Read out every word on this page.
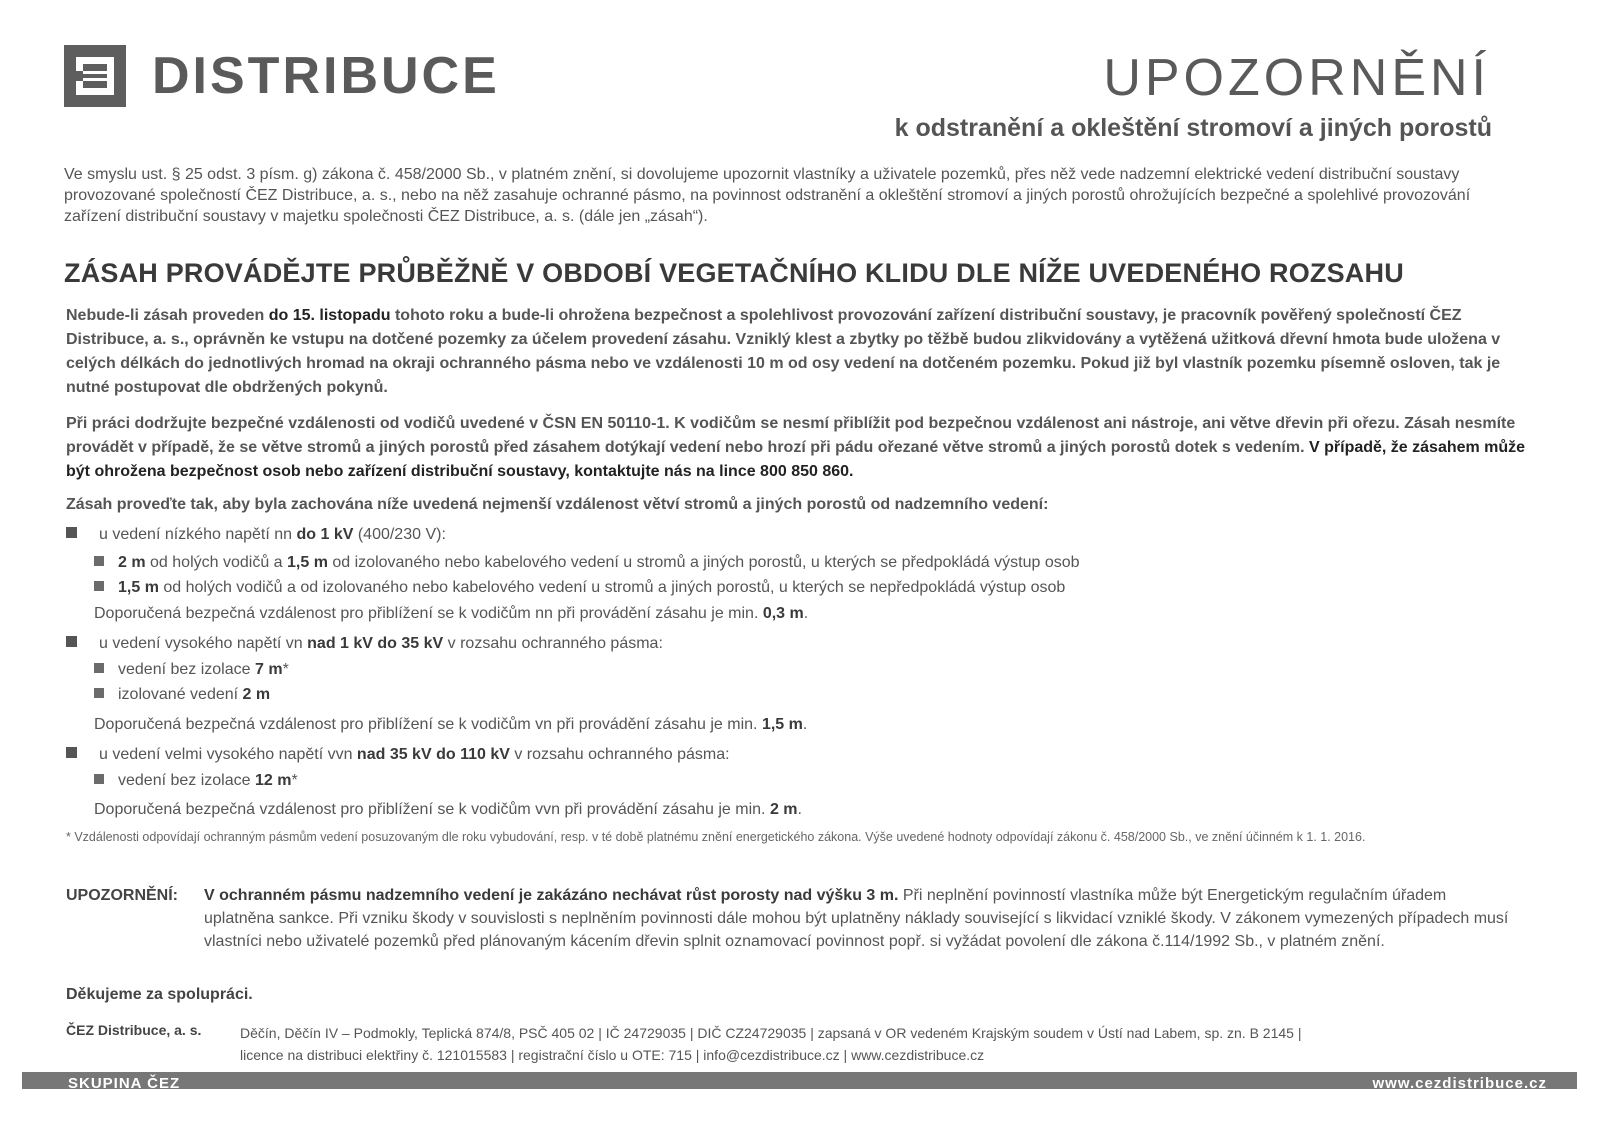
DISTRIBUCE	UPOZORNĚNÍ
k odstranění a okleštění stromoví a jiných porostů
Ve smyslu ust. § 25 odst. 3 písm. g) zákona č. 458/2000 Sb., v platném znění, si dovolujeme upozornit vlastníky a uživatele pozemků, přes něž vede nadzemní elektrické vedení distribuční soustavy provozované společností ČEZ Distribuce, a. s., nebo na něž zasahuje ochranné pásmo, na povinnost odstranění a okleštění stromoví a jiných porostů ohrožujících bezpečné a spolehlivé provozování zařízení distribuční soustavy v majetku společnosti ČEZ Distribuce, a. s. (dále jen „zásah“).
ZÁSAH PROVÁDĚJTE PRŮBĚŽNĚ V OBDOBÍ VEGETAČNÍHO KLIDU DLE NÍŽE UVEDENÉHO ROZSAHU
Nebude-li zásah proveden do 15. listopadu tohoto roku a bude-li ohrožena bezpečnost a spolehlivost provozování zařízení distribuční soustavy, je pracovník pověřený společností ČEZ Distribuce, a. s., oprávněn ke vstupu na dotčené pozemky za účelem provedení zásahu. Vzniklý klest a zbytky po těžbě budou zlikvidovány a vytěžená užitková dřevní hmota bude uložena v celých délkách do jednotlivých hromad na okraji ochranného pásma nebo ve vzdálenosti 10 m od osy vedení na dotčeném pozemku. Pokud již byl vlastník pozemku písemně osloven, tak je nutné postupovat dle obdržených pokynů.
Při práci dodržujte bezpečné vzdálenosti od vodičů uvedené v ČSN EN 50110-1. K vodičům se nesmí přiblížit pod bezpečnou vzdálenost ani nástroje, ani větve dřevin při ořezu. Zásah nesmíte provádět v případě, že se větve stromů a jiných porostů před zásahem dotýkají vedení nebo hrozí při pádu ořezané větve stromů a jiných porostů dotek s vedením. V případě, že zásahem může být ohrožena bezpečnost osob nebo zařízení distribuční soustavy, kontaktujte nás na lince 800 850 860.
Zásah proveďte tak, aby byla zachována níže uvedená nejmenší vzdálenost větví stromů a jiných porostů od nadzemního vedení:
u vedení nízkého napětí nn do 1 kV (400/230 V):
2 m od holých vodičů a 1,5 m od izolovaného nebo kabelového vedení u stromů a jiných porostů, u kterých se předpokládá výstup osob
1,5 m od holých vodičů a od izolovaného nebo kabelového vedení u stromů a jiných porostů, u kterých se nepředpokládá výstup osob
Doporučená bezpečná vzdálenost pro přiblížení se k vodičům nn při provádění zásahu je min. 0,3 m.
u vedení vysokého napětí vn nad 1 kV do 35 kV v rozsahu ochranného pásma:
vedení bez izolace 7 m*
izolované vedení 2 m
Doporučená bezpečná vzdálenost pro přiblížení se k vodičům vn při provádění zásahu je min. 1,5 m.
u vedení velmi vysokého napětí vvn nad 35 kV do 110 kV v rozsahu ochranného pásma:
vedení bez izolace 12 m*
Doporučená bezpečná vzdálenost pro přiblížení se k vodičům vvn při provádění zásahu je min. 2 m.
* Vzdálenosti odpovídají ochranným pásmům vedení posuzovaným dle roku vybudování, resp. v té době platnému znění energetického zákona. Výše uvedené hodnoty odpovídají zákonu č. 458/2000 Sb., ve znění účinném k 1. 1. 2016.
UPOZORNĚNÍ: V ochranném pásmu nadzemního vedení je zakázáno nechávat růst porosty nad výšku 3 m. Při neplnění povinností vlastníka může být Energetickým regulačním úřadem uplatněna sankce. Při vzniku škody v souvislosti s neplněním povinnosti dále mohou být uplatněny náklady související s likvidací vzniklé škody. V zákonem vymezených případech musí vlastníci nebo uživatelé pozemků před plánovaným kácením dřevin splnit oznamovací povinnost popř. si vyžádat povolení dle zákona č.114/1992 Sb., v platném znění.
Děkujeme za spolupráci.
ČEZ Distribuce, a. s.	Děčín, Děčín IV – Podmokly, Teplická 874/8, PSČ 405 02 | IČ 24729035 | DIČ CZ24729035 | zapsaná v OR vedeném Krajským soudem v Ústí nad Labem, sp. zn. B 2145 |
licence na distribuci elektřiny č. 121015583 | registrační číslo u OTE: 715 | info@cezdistribuce.cz | www.cezdistribuce.cz
SKUPINA ČEZ	www.cezdistribuce.cz
